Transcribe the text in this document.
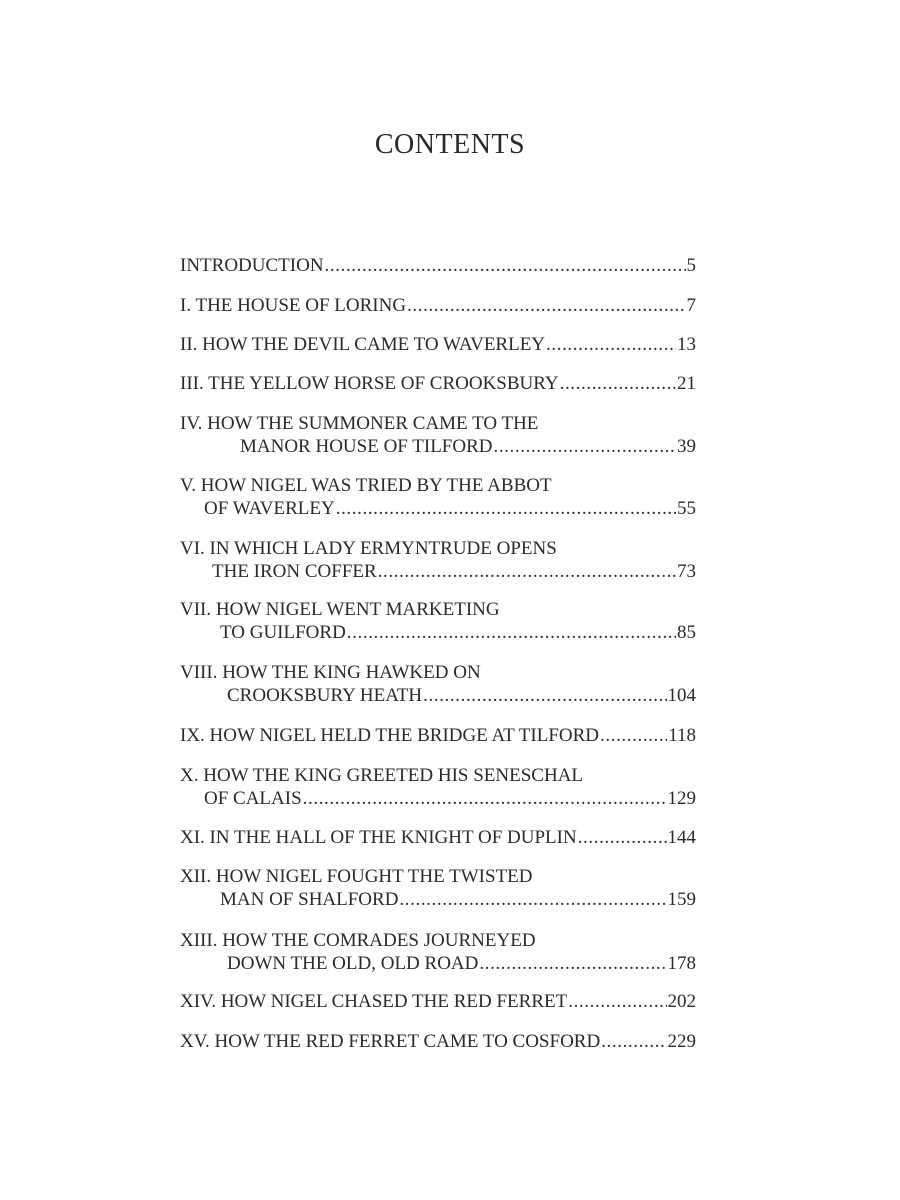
CONTENTS
INTRODUCTION .....	5
I. THE HOUSE OF LORING .....	7
II. HOW THE DEVIL CAME TO WAVERLEY .....	13
III. THE YELLOW HORSE OF CROOKSBURY .....	21
IV. HOW THE SUMMONER CAME TO THE
MANOR HOUSE OF TILFORD .....	39
V. HOW NIGEL WAS TRIED BY THE ABBOT
OF WAVERLEY .....	55
VI. IN WHICH LADY ERMYNTRUDE OPENS
THE IRON COFFER .....	73
VII. HOW NIGEL WENT MARKETING
TO GUILFORD .....	85
VIII. HOW THE KING HAWKED ON
CROOKSBURY HEATH .....	104
IX. HOW NIGEL HELD THE BRIDGE AT TILFORD .....	118
X. HOW THE KING GREETED HIS SENESCHAL
OF CALAIS .....	129
XI. IN THE HALL OF THE KNIGHT OF DUPLIN .....	144
XII. HOW NIGEL FOUGHT THE TWISTED
MAN OF SHALFORD .....	159
XIII. HOW THE COMRADES JOURNEYED
DOWN THE OLD, OLD ROAD .....	178
XIV. HOW NIGEL CHASED THE RED FERRET .....	202
XV. HOW THE RED FERRET CAME TO COSFORD .....	229
